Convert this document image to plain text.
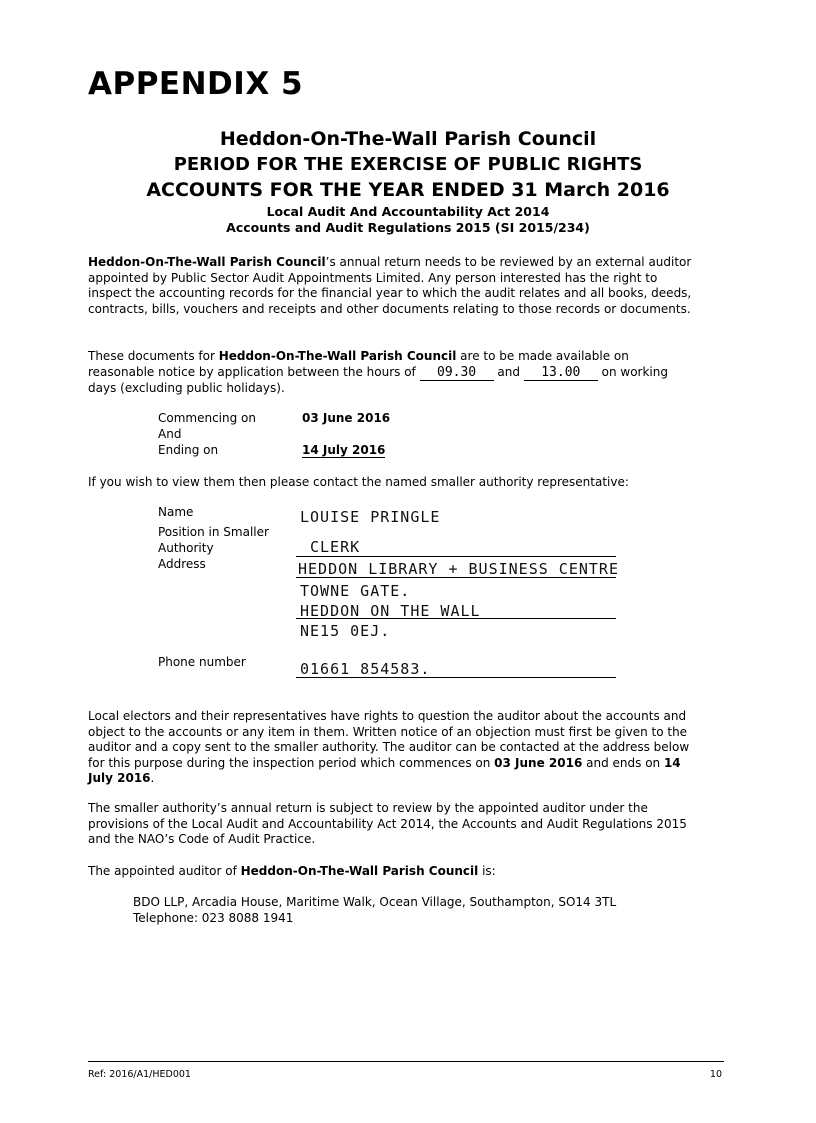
APPENDIX 5
Heddon-On-The-Wall Parish Council
PERIOD FOR THE EXERCISE OF PUBLIC RIGHTS
ACCOUNTS FOR THE YEAR ENDED 31 March 2016
Local Audit And Accountability Act 2014
Accounts and Audit Regulations 2015 (SI 2015/234)
Heddon-On-The-Wall Parish Council’s annual return needs to be reviewed by an external auditor appointed by Public Sector Audit Appointments Limited. Any person interested has the right to inspect the accounting records for the financial year to which the audit relates and all books, deeds, contracts, bills, vouchers and receipts and other documents relating to those records or documents.
These documents for Heddon-On-The-Wall Parish Council are to be made available on reasonable notice by application between the hours of 09.30 and 13.00 on working days (excluding public holidays).
Commencing on	03 June 2016
And
Ending on	14 July 2016
If you wish to view them then please contact the named smaller authority representative:
Name	LOUISE PRINGLE
Position in Smaller
Authority	CLERK
Address	HEDDON LIBRARY + BUSINESS CENTRE
TOWNE GATE.
HEDDON ON THE WALL
NE15 0EJ.
Phone number	01661 854583.
Local electors and their representatives have rights to question the auditor about the accounts and object to the accounts or any item in them. Written notice of an objection must first be given to the auditor and a copy sent to the smaller authority. The auditor can be contacted at the address below for this purpose during the inspection period which commences on 03 June 2016 and ends on 14 July 2016.
The smaller authority’s annual return is subject to review by the appointed auditor under the provisions of the Local Audit and Accountability Act 2014, the Accounts and Audit Regulations 2015 and the NAO’s Code of Audit Practice.
The appointed auditor of Heddon-On-The-Wall Parish Council is:
BDO LLP, Arcadia House, Maritime Walk, Ocean Village, Southampton, SO14 3TL
Telephone: 023 8088 1941
Ref: 2016/A1/HED001	10
